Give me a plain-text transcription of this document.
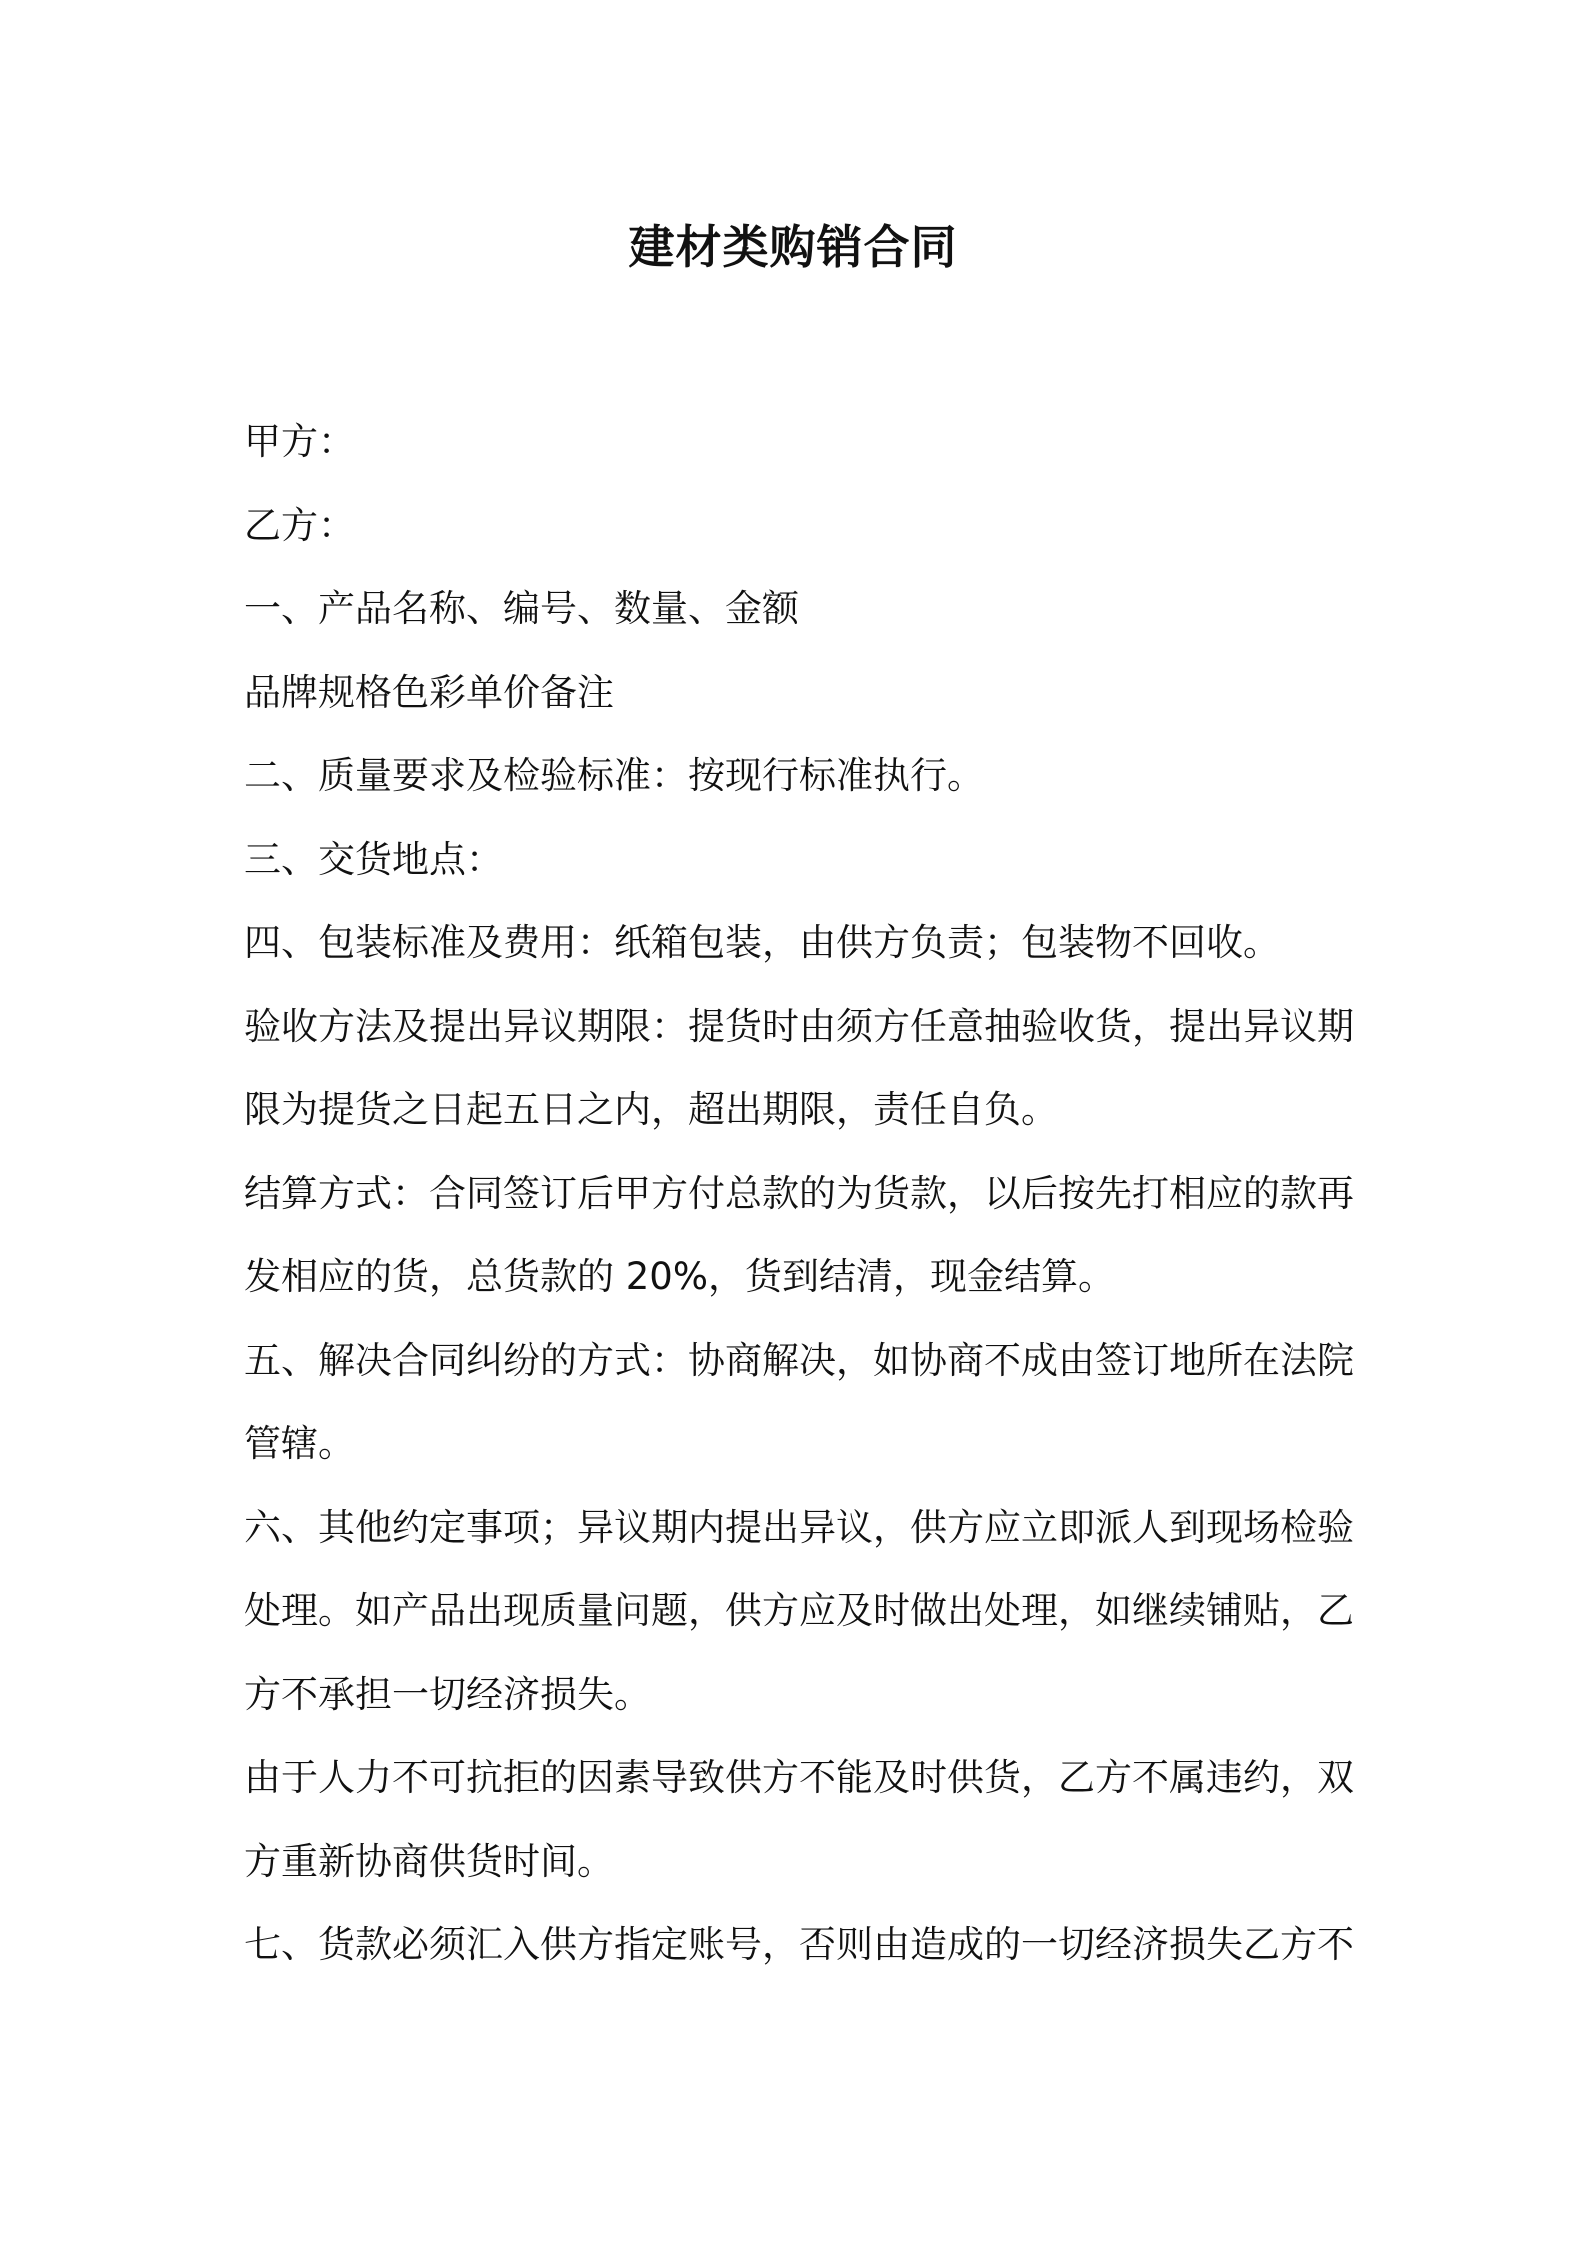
建材类购销合同
甲方：
乙方：
一、产品名称、编号、数量、金额
品牌规格色彩单价备注
二、质量要求及检验标准：按现行标准执行。
三、交货地点：
四、包装标准及费用：纸箱包装，由供方负责；包装物不回收。
验收方法及提出异议期限：提货时由须方任意抽验收货，提出异议期
限为提货之日起五日之内，超出期限，责任自负。
结算方式：合同签订后甲方付总款的为货款，以后按先打相应的款再
发相应的货，总货款的 20%，货到结清，现金结算。
五、解决合同纠纷的方式：协商解决，如协商不成由签订地所在法院
管辖。
六、其他约定事项；异议期内提出异议，供方应立即派人到现场检验
处理。如产品出现质量问题，供方应及时做出处理，如继续铺贴，乙
方不承担一切经济损失。
由于人力不可抗拒的因素导致供方不能及时供货，乙方不属违约，双
方重新协商供货时间。
七、货款必须汇入供方指定账号，否则由造成的一切经济损失乙方不
